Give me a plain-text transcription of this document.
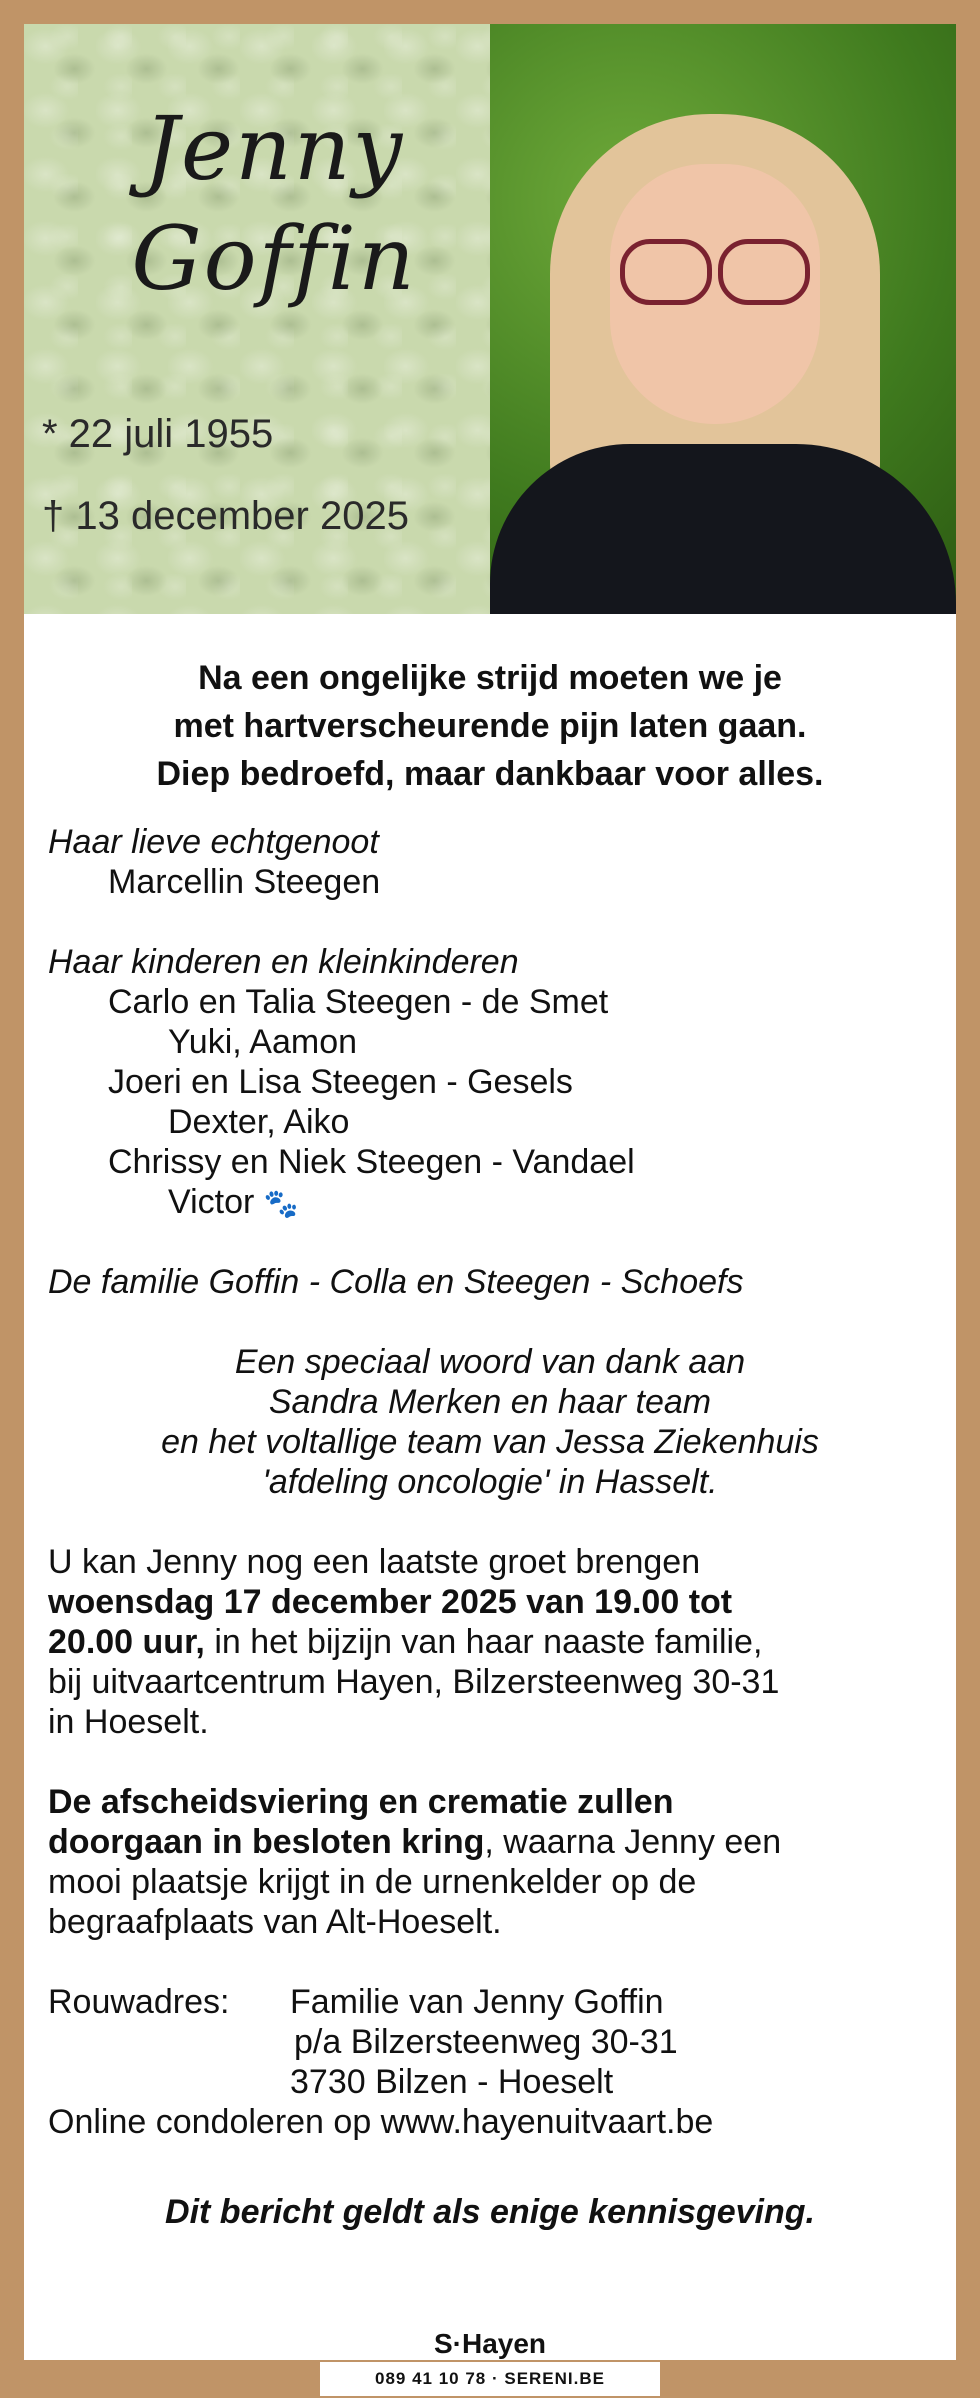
Jenny
Goffin
* 22 juli 1955
† 13 december 2025
Na een ongelijke strijd moeten we je
met hartverscheurende pijn laten gaan.
Diep bedroefd, maar dankbaar voor alles.
Haar lieve echtgenoot
Marcellin Steegen
Haar kinderen en kleinkinderen
Carlo en Talia Steegen - de Smet
Yuki, Aamon
Joeri en Lisa Steegen - Gesels
Dexter, Aiko
Chrissy en Niek Steegen - Vandael
Victor 🐾
De familie Goffin - Colla en Steegen - Schoefs
Een speciaal woord van dank aan
Sandra Merken en haar team
en het voltallige team van Jessa Ziekenhuis
'afdeling oncologie' in Hasselt.
U kan Jenny nog een laatste groet brengen
woensdag 17 december 2025 van 19.00 tot
20.00 uur, in het bijzijn van haar naaste familie,
bij uitvaartcentrum Hayen, Bilzersteenweg 30-31
in Hoeselt.
De afscheidsviering en crematie zullen
doorgaan in besloten kring, waarna Jenny een
mooi plaatsje krijgt in de urnenkelder op de
begraafplaats van Alt-Hoeselt.
Rouwadres: Familie van Jenny Goffin
p/a Bilzersteenweg 30-31
3730 Bilzen - Hoeselt
Online condoleren op www.hayenuitvaart.be
Dit bericht geldt als enige kennisgeving.
S·Hayen
089 41 10 78 · SERENI.BE
